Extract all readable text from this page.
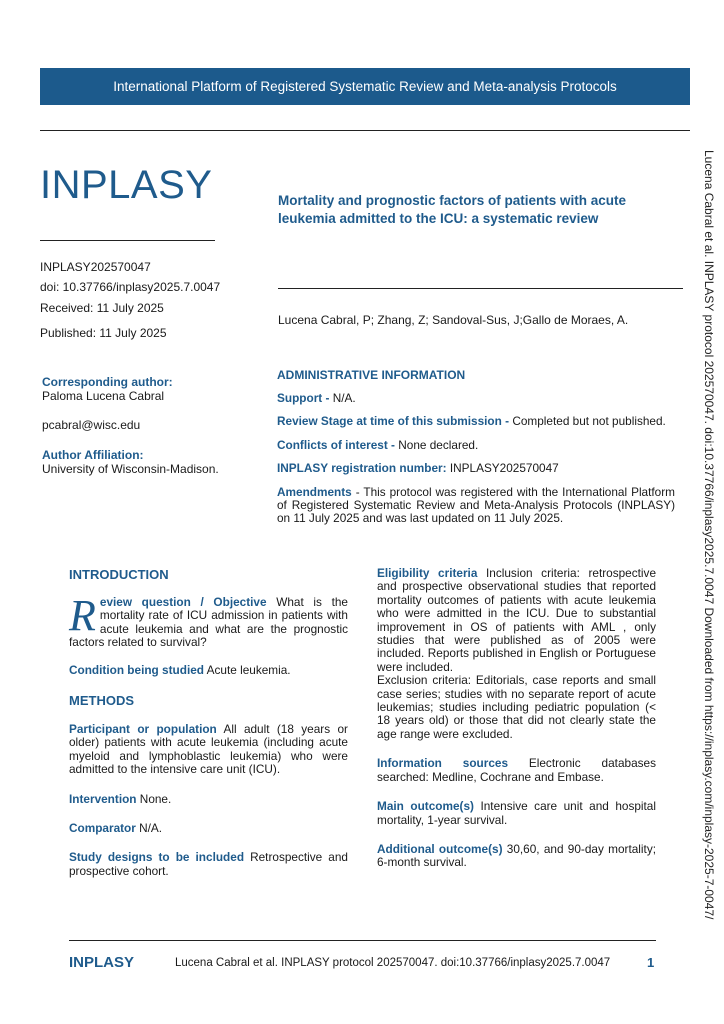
International Platform of Registered Systematic Review and Meta-analysis Protocols
INPLASY
INPLASY202570047
doi: 10.37766/inplasy2025.7.0047
Received: 11 July 2025
Published: 11 July 2025
Corresponding author:
Paloma Lucena Cabral
pcabral@wisc.edu
Author Affiliation:
University of Wisconsin-Madison.
Mortality and prognostic factors of patients with acute leukemia admitted to the ICU: a systematic review
Lucena Cabral, P; Zhang, Z; Sandoval-Sus, J;Gallo de Moraes, A.
ADMINISTRATIVE INFORMATION
Support - N/A.
Review Stage at time of this submission - Completed but not published.
Conflicts of interest - None declared.
INPLASY registration number: INPLASY202570047
Amendments - This protocol was registered with the International Platform of Registered Systematic Review and Meta-Analysis Protocols (INPLASY) on 11 July 2025 and was last updated on 11 July 2025.
INTRODUCTION
Review question / Objective What is the mortality rate of ICU admission in patients with acute leukemia and what are the prognostic factors related to survival?
Condition being studied Acute leukemia.
METHODS
Participant or population All adult (18 years or older) patients with acute leukemia (including acute myeloid and lymphoblastic leukemia) who were admitted to the intensive care unit (ICU).
Intervention None.
Comparator N/A.
Study designs to be included Retrospective and prospective cohort.
Eligibility criteria Inclusion criteria: retrospective and prospective observational studies that reported mortality outcomes of patients with acute leukemia who were admitted in the ICU. Due to substantial improvement in OS of patients with AML , only studies that were published as of 2005 were included. Reports published in English or Portuguese were included.
Exclusion criteria: Editorials, case reports and small case series; studies with no separate report of acute leukemias; studies including pediatric population (< 18 years old) or those that did not clearly state the age range were excluded.
Information sources Electronic databases searched: Medline, Cochrane and Embase.
Main outcome(s) Intensive care unit and hospital mortality, 1-year survival.
Additional outcome(s) 30,60, and 90-day mortality; 6-month survival.
INPLASY	Lucena Cabral et al. INPLASY protocol 202570047. doi:10.37766/inplasy2025.7.0047	1
Lucena Cabral et al. INPLASY protocol 202570047. doi:10.37766/inplasy2025.7.0047 Downloaded from https://inplasy.com/inplasy-2025-7-0047/
